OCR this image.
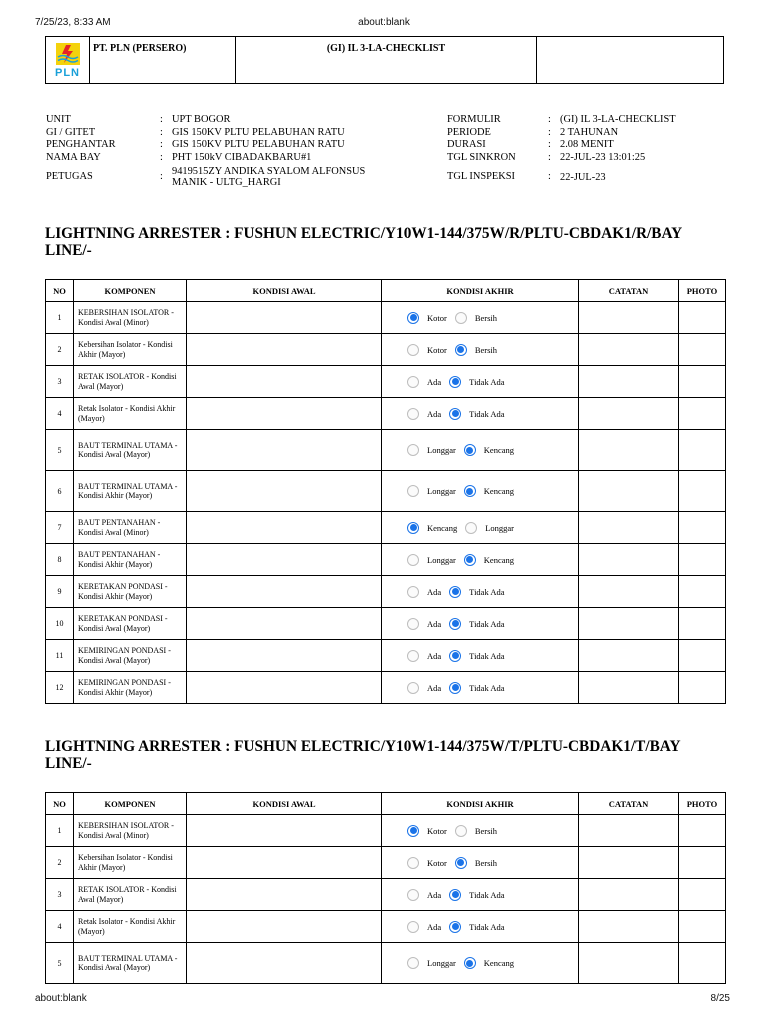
7/25/23, 8:33 AM	about:blank
PLN
PT. PLN (PERSERO)	(GI) IL 3-LA-CHECKLIST
UNIT	: UPT BOGOR
GI / GITET	: GIS 150KV PLTU PELABUHAN RATU
PENGHANTAR	: GIS 150KV PLTU PELABUHAN RATU
NAMA BAY	: PHT 150kV CIBADAKBARU#1
PETUGAS	: 9419515ZY ANDIKA SYALOM ALFONSUS MANIK - ULTG_HARGI
FORMULIR	: (GI) IL 3-LA-CHECKLIST
PERIODE	: 2 TAHUNAN
DURASI	: 2.08 MENIT
TGL SINKRON	: 22-JUL-23 13:01:25
TGL INSPEKSI	: 22-JUL-23
LIGHTNING ARRESTER : FUSHUN ELECTRIC/Y10W1-144/375W/R/PLTU-CBDAK1/R/BAY LINE/-
NO	KOMPONEN	KONDISI AWAL	KONDISI AKHIR	CATATAN	PHOTO
1	KEBERSIHAN ISOLATOR - Kondisi Awal (Minor)		Kotor Bersih		

2	Kebersihan Isolator - Kondisi Akhir (Mayor)		Kotor Bersih		

3	RETAK ISOLATOR - Kondisi Awal (Mayor)		Ada Tidak Ada		

4	Retak Isolator - Kondisi Akhir (Mayor)		Ada Tidak Ada		

5	BAUT TERMINAL UTAMA - Kondisi Awal (Mayor)		Longgar Kencang		

6	BAUT TERMINAL UTAMA - Kondisi Akhir (Mayor)		Longgar Kencang		

7	BAUT PENTANAHAN - Kondisi Awal (Minor)		Kencang Longgar		

8	BAUT PENTANAHAN - Kondisi Akhir (Mayor)		Longgar Kencang		

9	KERETAKAN PONDASI - Kondisi Akhir (Mayor)		Ada Tidak Ada		

10	KERETAKAN PONDASI - Kondisi Awal (Mayor)		Ada Tidak Ada		

11	KEMIRINGAN PONDASI - Kondisi Awal (Mayor)		Ada Tidak Ada		

12	KEMIRINGAN PONDASI - Kondisi Akhir (Mayor)		Ada Tidak Ada		

LIGHTNING ARRESTER : FUSHUN ELECTRIC/Y10W1-144/375W/T/PLTU-CBDAK1/T/BAY LINE/-
NO	KOMPONEN	KONDISI AWAL	KONDISI AKHIR	CATATAN	PHOTO
1	KEBERSIHAN ISOLATOR - Kondisi Awal (Minor)		Kotor Bersih		

2	Kebersihan Isolator - Kondisi Akhir (Mayor)		Kotor Bersih		

3	RETAK ISOLATOR - Kondisi Awal (Mayor)		Ada Tidak Ada		

4	Retak Isolator - Kondisi Akhir (Mayor)		Ada Tidak Ada		

5	BAUT TERMINAL UTAMA - Kondisi Awal (Mayor)		Longgar Kencang		

about:blank	8/25
